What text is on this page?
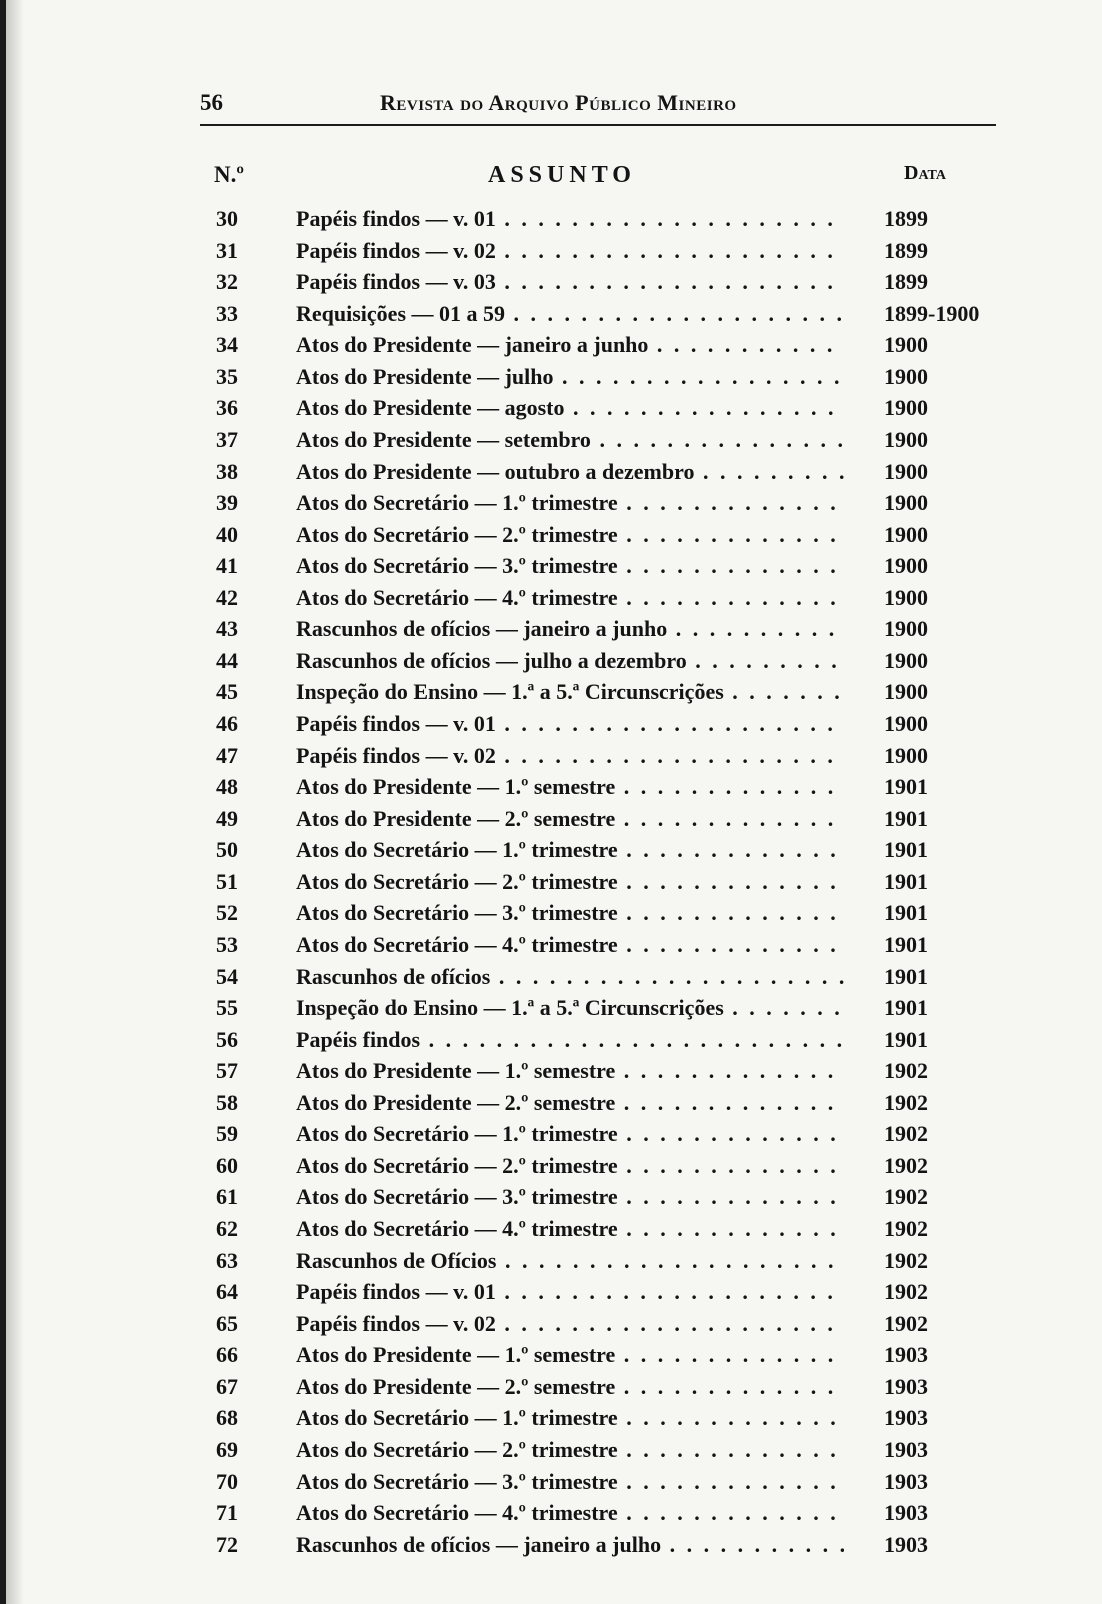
56	Revista do Arquivo Público Mineiro
N.º	ASSUNTO	Data
30	Papéis findos — v. 01 . . .	1899
31	Papéis findos — v. 02 . . .	1899
32	Papéis findos — v. 03 . . .	1899
33	Requisições — 01 a 59 . . .	1899-1900
34	Atos do Presidente — janeiro a junho . . .	1900
35	Atos do Presidente — julho . . .	1900
36	Atos do Presidente — agosto . . .	1900
37	Atos do Presidente — setembro . . .	1900
38	Atos do Presidente — outubro a dezembro . . .	1900
39	Atos do Secretário — 1.º trimestre . . .	1900
40	Atos do Secretário — 2.º trimestre . . .	1900
41	Atos do Secretário — 3.º trimestre . . .	1900
42	Atos do Secretário — 4.º trimestre . . .	1900
43	Rascunhos de ofícios — janeiro a junho . . .	1900
44	Rascunhos de ofícios — julho a dezembro . . .	1900
45	Inspeção do Ensino — 1.ª a 5.ª Circunscrições . . .	1900
46	Papéis findos — v. 01 . . .	1900
47	Papéis findos — v. 02 . . .	1900
48	Atos do Presidente — 1.º semestre . . .	1901
49	Atos do Presidente — 2.º semestre . . .	1901
50	Atos do Secretário — 1.º trimestre . . .	1901
51	Atos do Secretário — 2.º trimestre . . .	1901
52	Atos do Secretário — 3.º trimestre . . .	1901
53	Atos do Secretário — 4.º trimestre . . .	1901
54	Rascunhos de ofícios . . .	1901
55	Inspeção do Ensino — 1.ª a 5.ª Circunscrições . . .	1901
56	Papéis findos . . .	1901
57	Atos do Presidente — 1.º semestre . . .	1902
58	Atos do Presidente — 2.º semestre . . .	1902
59	Atos do Secretário — 1.º trimestre . . .	1902
60	Atos do Secretário — 2.º trimestre . . .	1902
61	Atos do Secretário — 3.º trimestre . . .	1902
62	Atos do Secretário — 4.º trimestre . . .	1902
63	Rascunhos de Ofícios . . .	1902
64	Papéis findos — v. 01 . . .	1902
65	Papéis findos — v. 02 . . .	1902
66	Atos do Presidente — 1.º semestre . . .	1903
67	Atos do Presidente — 2.º semestre . . .	1903
68	Atos do Secretário — 1.º trimestre . . .	1903
69	Atos do Secretário — 2.º trimestre . . .	1903
70	Atos do Secretário — 3.º trimestre . . .	1903
71	Atos do Secretário — 4.º trimestre . . .	1903
72	Rascunhos de ofícios — janeiro a julho . . .	1903
